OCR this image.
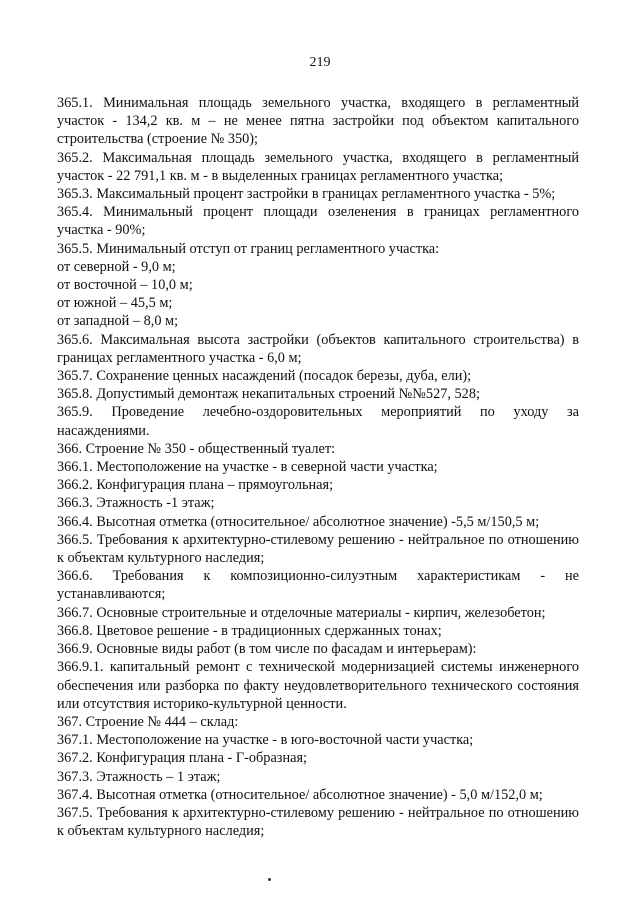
219

365.1. Минимальная площадь земельного участка, входящего в регламентный участок - 134,2 кв. м – не менее пятна застройки под объектом капитального строительства (строение № 350);

365.2. Максимальная площадь земельного участка, входящего в регламентный участок - 22 791,1 кв. м - в выделенных границах регламентного участка;

365.3. Максимальный процент застройки в границах регламентного участка - 5%;

365.4. Минимальный процент площади озеленения в границах регламентного участка - 90%;

365.5. Минимальный отступ от границ регламентного участка:

от северной - 9,0 м;

от восточной – 10,0 м;

от южной – 45,5 м;

от западной – 8,0 м;

365.6. Максимальная высота застройки (объектов капитального строительства) в границах регламентного участка - 6,0 м;

365.7. Сохранение ценных насаждений (посадок березы, дуба, ели);

365.8. Допустимый демонтаж некапитальных строений №№527, 528;

365.9. Проведение лечебно-оздоровительных мероприятий по уходу за насаждениями.

366. Строение № 350 - общественный туалет:

366.1. Местоположение на участке - в северной части участка;

366.2. Конфигурация плана – прямоугольная;

366.3. Этажность -1 этаж;

366.4. Высотная отметка (относительное/ абсолютное значение) -5,5 м/150,5 м;

366.5. Требования к архитектурно-стилевому решению - нейтральное по отношению к объектам культурного наследия;

366.6. Требования к композиционно-силуэтным характеристикам - не устанавливаются;

366.7. Основные строительные и отделочные материалы - кирпич, железобетон;

366.8. Цветовое решение - в традиционных сдержанных тонах;

366.9. Основные виды работ (в том числе по фасадам и интерьерам):

366.9.1. капитальный ремонт с технической модернизацией системы инженерного обеспечения или разборка по факту неудовлетворительного технического состояния или отсутствия историко-культурной ценности.

367. Строение № 444 – склад:

367.1. Местоположение на участке - в юго-восточной части участка;

367.2. Конфигурация плана - Г-образная;

367.3. Этажность – 1 этаж;

367.4. Высотная отметка (относительное/ абсолютное значение) - 5,0 м/152,0 м;

367.5. Требования к архитектурно-стилевому решению - нейтральное по отношению к объектам культурного наследия;
